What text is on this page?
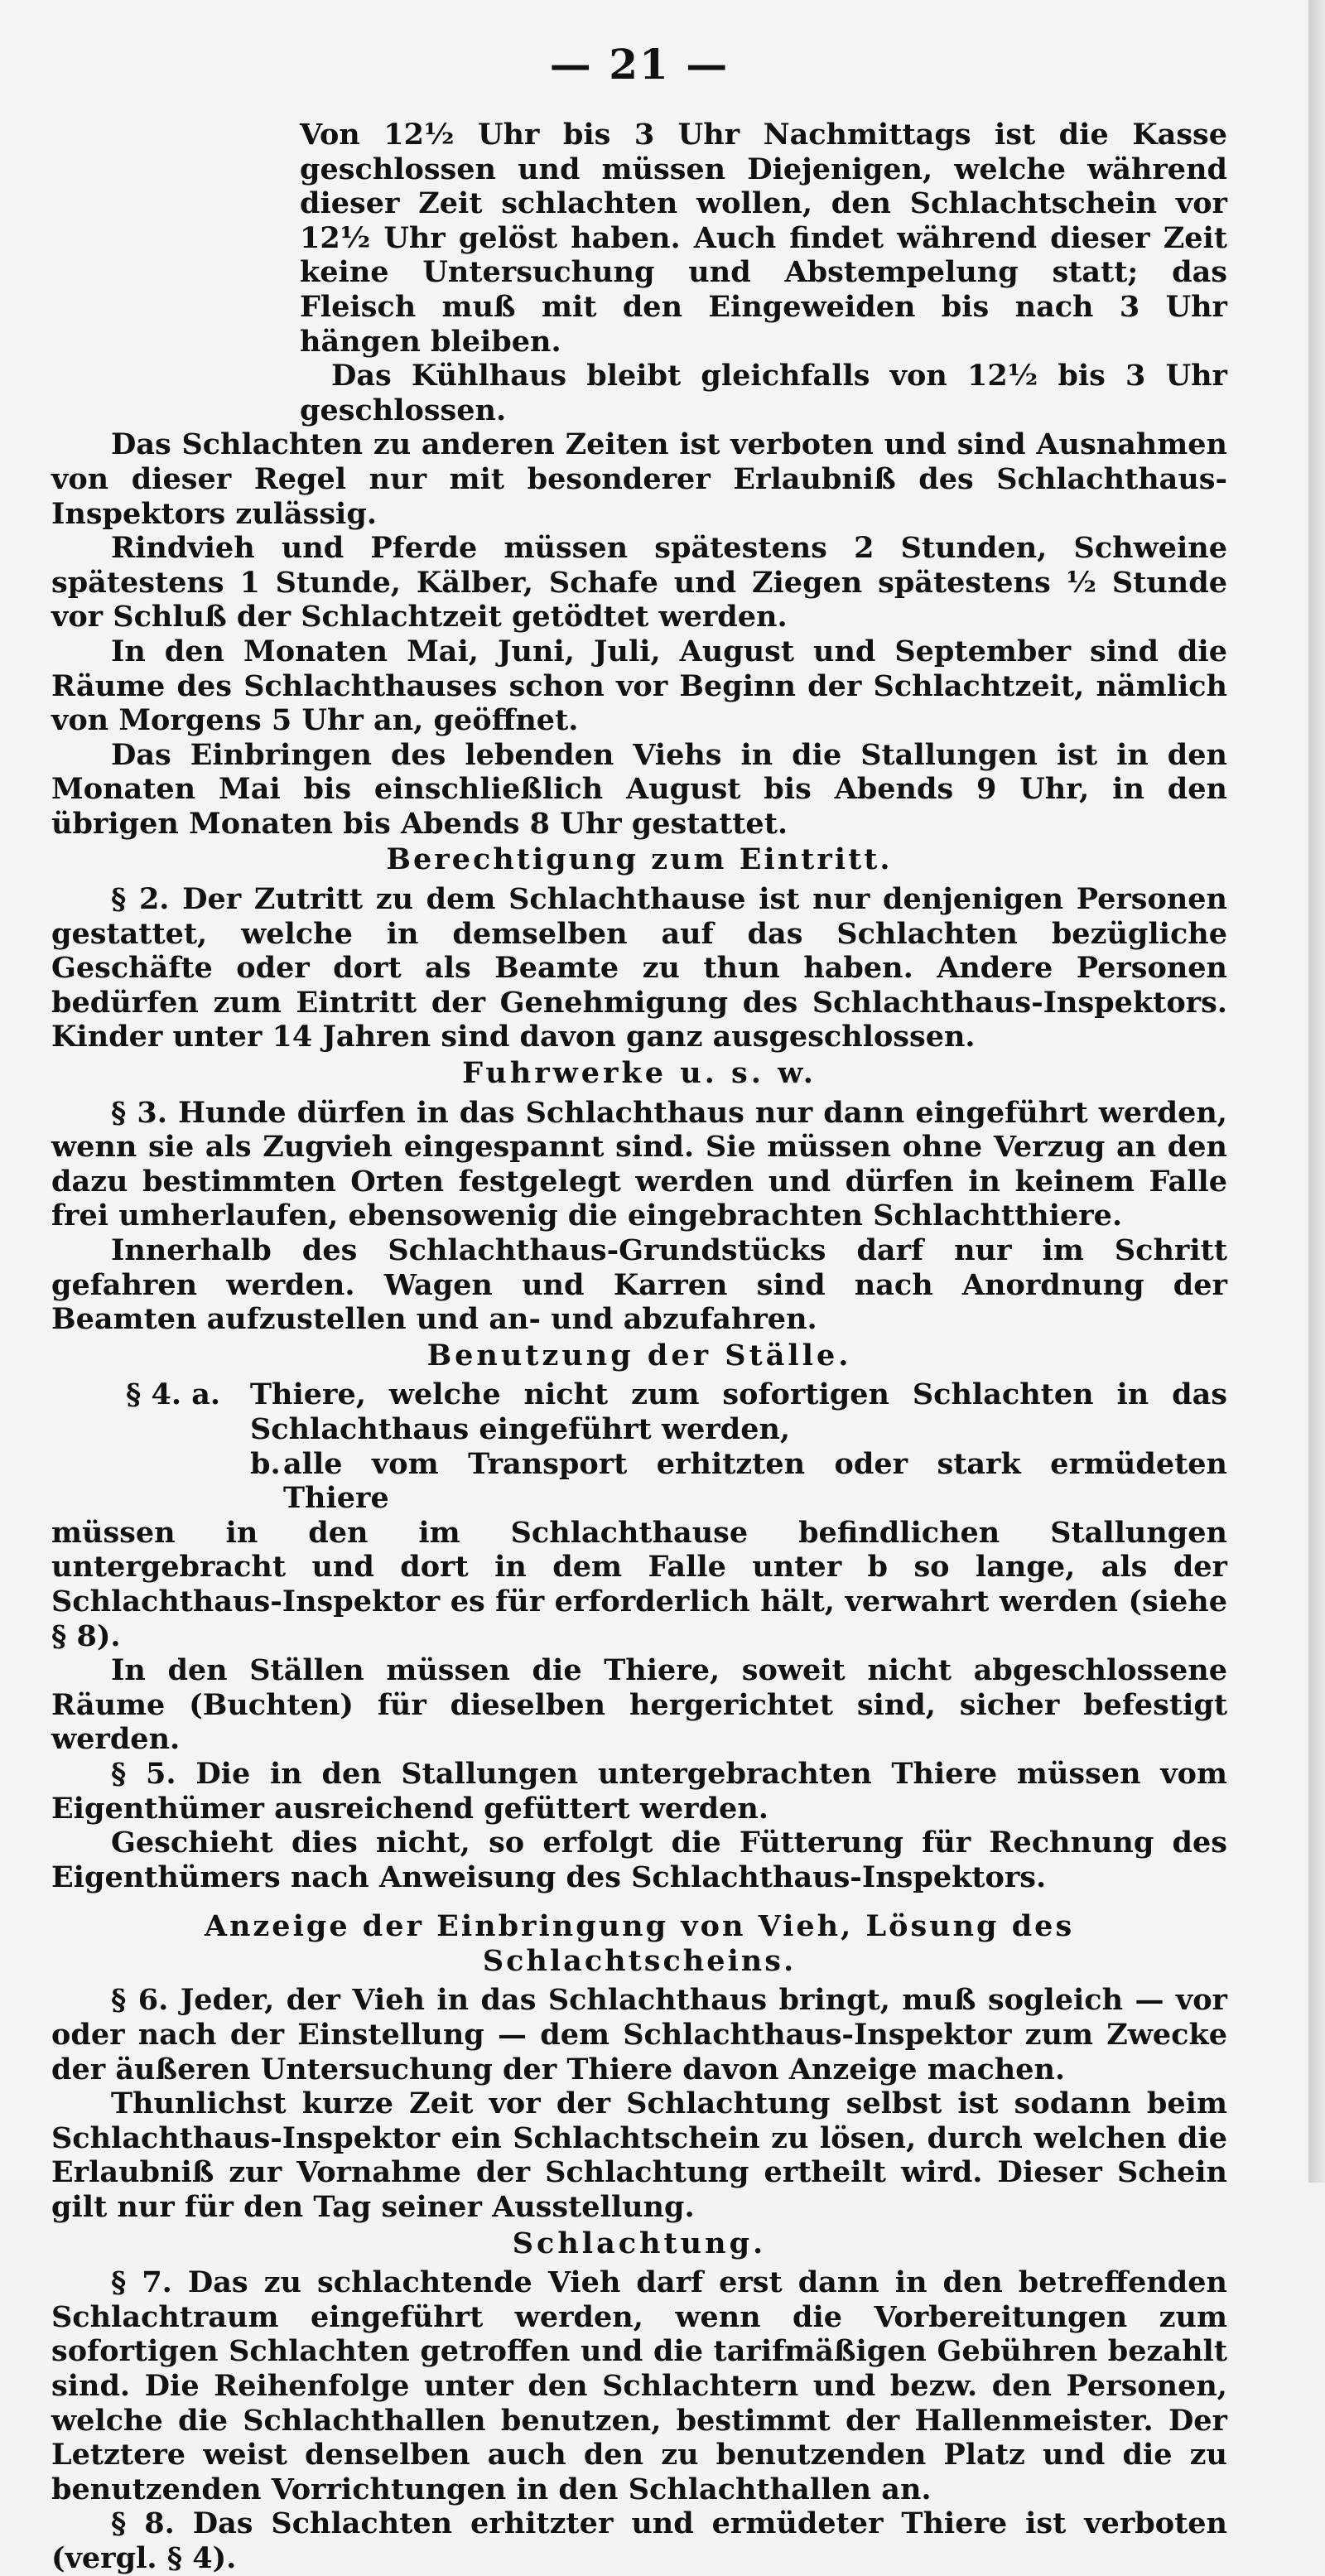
— 21 —

Von 12½ Uhr bis 3 Uhr Nachmittags ist die Kasse geschlossen und müssen Diejenigen, welche während dieser Zeit schlachten wollen, den Schlachtschein vor 12½ Uhr gelöst haben. Auch findet während dieser Zeit keine Untersuchung und Abstempelung statt; das Fleisch muß mit den Eingeweiden bis nach 3 Uhr hängen bleiben.

Das Kühlhaus bleibt gleichfalls von 12½ bis 3 Uhr geschlossen.

Das Schlachten zu anderen Zeiten ist verboten und sind Ausnahmen von dieser Regel nur mit besonderer Erlaubniß des Schlachthaus-Inspektors zulässig.

Rindvieh und Pferde müssen spätestens 2 Stunden, Schweine spätestens 1 Stunde, Kälber, Schafe und Ziegen spätestens ½ Stunde vor Schluß der Schlachtzeit getödtet werden.

In den Monaten Mai, Juni, Juli, August und September sind die Räume des Schlachthauses schon vor Beginn der Schlachtzeit, nämlich von Morgens 5 Uhr an, geöffnet.

Das Einbringen des lebenden Viehs in die Stallungen ist in den Monaten Mai bis einschließlich August bis Abends 9 Uhr, in den übrigen Monaten bis Abends 8 Uhr gestattet.

Berechtigung zum Eintritt.

§ 2. Der Zutritt zu dem Schlachthause ist nur denjenigen Personen gestattet, welche in demselben auf das Schlachten bezügliche Geschäfte oder dort als Beamte zu thun haben. Andere Personen bedürfen zum Eintritt der Genehmigung des Schlachthaus-Inspektors. Kinder unter 14 Jahren sind davon ganz ausgeschlossen.

Fuhrwerke u. s. w.

§ 3. Hunde dürfen in das Schlachthaus nur dann eingeführt werden, wenn sie als Zugvieh eingespannt sind. Sie müssen ohne Verzug an den dazu bestimmten Orten festgelegt werden und dürfen in keinem Falle frei umherlaufen, ebensowenig die eingebrachten Schlachtthiere.

Innerhalb des Schlachthaus-Grundstücks darf nur im Schritt gefahren werden. Wagen und Karren sind nach Anordnung der Beamten aufzustellen und an- und abzufahren.

Benutzung der Ställe.
§ 4. a.	Thiere, welche nicht zum sofortigen Schlachten in das Schlachthaus eingeführt werden,
b. alle vom Transport erhitzten oder stark ermüdeten Thiere

müssen in den im Schlachthause befindlichen Stallungen untergebracht und dort in dem Falle unter b so lange, als der Schlachthaus-Inspektor es für erforderlich hält, verwahrt werden (siehe § 8).

In den Ställen müssen die Thiere, soweit nicht abgeschlossene Räume (Buchten) für dieselben hergerichtet sind, sicher befestigt werden.

§ 5. Die in den Stallungen untergebrachten Thiere müssen vom Eigenthümer ausreichend gefüttert werden.

Geschieht dies nicht, so erfolgt die Fütterung für Rechnung des Eigenthümers nach Anweisung des Schlachthaus-Inspektors.

Anzeige der Einbringung von Vieh, Lösung des Schlachtscheins.

§ 6. Jeder, der Vieh in das Schlachthaus bringt, muß sogleich — vor oder nach der Einstellung — dem Schlachthaus-Inspektor zum Zwecke der äußeren Untersuchung der Thiere davon Anzeige machen.

Thunlichst kurze Zeit vor der Schlachtung selbst ist sodann beim Schlachthaus-Inspektor ein Schlachtschein zu lösen, durch welchen die Erlaubniß zur Vornahme der Schlachtung ertheilt wird. Dieser Schein gilt nur für den Tag seiner Ausstellung.

Schlachtung.

§ 7. Das zu schlachtende Vieh darf erst dann in den betreffenden Schlachtraum eingeführt werden, wenn die Vorbereitungen zum sofortigen Schlachten getroffen und die tarifmäßigen Gebühren bezahlt sind. Die Reihenfolge unter den Schlachtern und bezw. den Personen, welche die Schlachthallen benutzen, bestimmt der Hallenmeister. Der Letztere weist denselben auch den zu benutzenden Platz und die zu benutzenden Vorrichtungen in den Schlachthallen an.

§ 8. Das Schlachten erhitzter und ermüdeter Thiere ist verboten (vergl. § 4).
